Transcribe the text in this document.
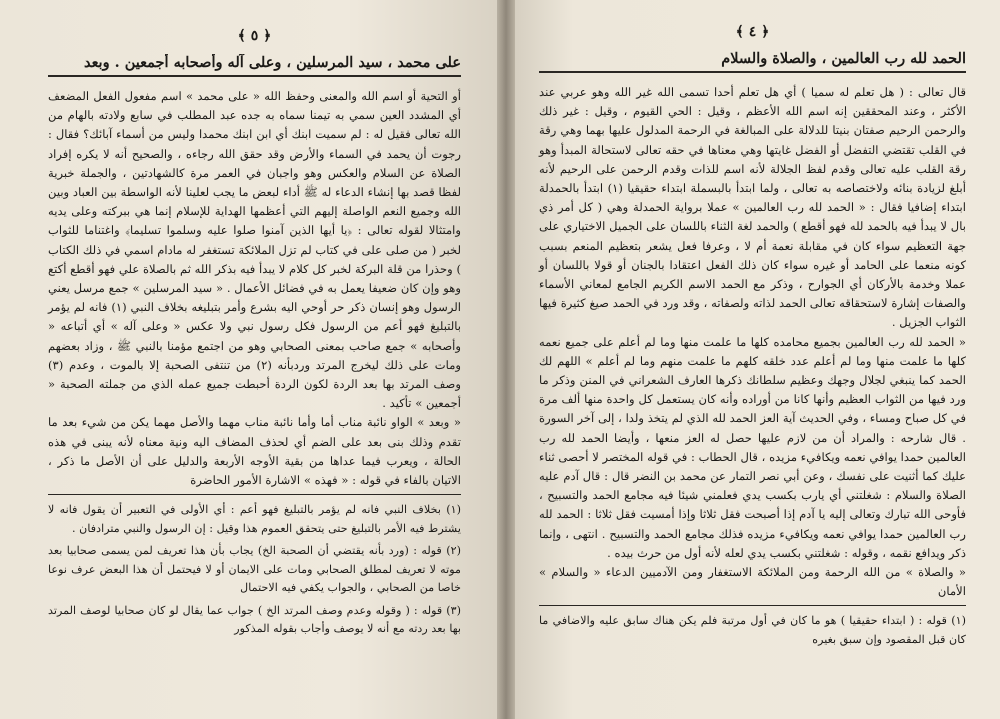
﴿ ٥ ﴾
على محمد ، سيد المرسلين ، وعلى آله وأصحابه أجمعين . وبعد

أو التحية أو اسم الله والمعنى وحفظ الله « على محمد » اسم مفعول الفعل المضعف أي المشدد العين سمي به تيمنا سماه به جده عبد المطلب في سابع ولادته بالهام من الله تعالى فقيل له : لم سميت ابنك أي ابن ابنك محمدا وليس من أسماء آبائك؟ فقال : رجوت أن يحمد في السماء والأرض وقد حقق الله رجاءه ، والصحيح أنه لا يكره إفراد الصلاة عن السلام والعكس وهو واجبان في العمر مرة كالشهادتين ، والجملة خبرية لفظا قصد بها إنشاء الدعاء له ﷺ أداء لبعض ما يجب لعلينا لأنه الواسطة بين العباد وبين الله وجميع النعم الواصلة إليهم التي أعظمها الهداية للإسلام إنما هي ببركته وعلى يديه وامتثالا لقوله تعالى : ﴿يا أيها الذين آمنوا صلوا عليه وسلموا تسليما﴾ واغتناما للثواب لخبر ( من صلى على في كتاب لم تزل الملائكة تستغفر له مادام اسمي في ذلك الكتاب ) وحذرا من قلة البركة لخبر كل كلام لا يبدأ فيه بذكر الله ثم بالصلاة علي فهو أقطع أكتع وهو وإن كان ضعيفا يعمل به في فضائل الأعمال . « سيد المرسلين » جمع مرسل يعني الرسول وهو إنسان ذكر حر أوحي اليه بشرع وأمر بتبليغه بخلاف النبي (١) فانه لم يؤمر بالتبليغ فهو أعم من الرسول فكل رسول نبي ولا عكس « وعلى آله » أي أتباعه « وأصحابه » جمع صاحب بمعنى الصحابي وهو من اجتمع مؤمنا بالنبي ﷺ ، وزاد بعضهم ومات على ذلك ليخرج المرتد وردبأنه (٢) من تنتفى الصحبة إلا بالموت ، وعدم (٣) وصف المرتد بها بعد الردة لكون الردة أحبطت جميع عمله الذي من جملته الصحبة « أجمعين » تأكيد .

« وبعد » الواو نائبة مناب أما وأما نائبة مناب مهما والأصل مهما يكن من شيء بعد ما تقدم وذلك بنى بعد على الضم أي لحذف المضاف اليه ونية معناه لأنه يبنى في هذه الحالة ، ويعرب فيما عداها من بقية الأوجه الأربعة والدليل على أن الأصل ما ذكر ، الاتيان بالفاء في قوله : « فهذه » الاشارة الأمور الحاضرة

(١) بخلاف النبي فانه لم يؤمر بالتبليغ فهو أعم : أي الأولى في التعبير أن يقول فانه لا يشترط فيه الأمر بالتبليغ حتى يتحقق العموم هذا وقيل : إن الرسول والنبي مترادفان .

(٢) قوله : (ورد بأنه يقتضي أن الصحبة الخ) يجاب بأن هذا تعريف لمن يسمى صحابيا بعد موته لا تعريف لمطلق الصحابي ومات على الايمان أو لا فيحتمل أن هذا البعض عرف نوعا خاصا من الصحابي ، والجواب يكفي فيه الاحتمال

(٣) قوله : ( وقوله وعدم وصف المرتد الخ ) جواب عما يقال لو كان صحابيا لوصف المرتد بها بعد ردته مع أنه لا يوصف وأجاب بقوله المذكور

﴿ ٤ ﴾
الحمد لله رب العالمين ، والصلاة والسلام

قال تعالى : ( هل تعلم له سميا ) أي هل تعلم أحدا تسمى الله غير الله وهو عربي عند الأكثر ، وعند المحققين إنه اسم الله الأعظم ، وقيل : الحي القيوم ، وقيل : غير ذلك والرحمن الرحيم صفتان بنيتا للدلالة على المبالغة في الرحمة المدلول عليها بهما وهي رقة في القلب تقتضي التفضل أو الفضل غايتها وهي معناها في حقه تعالى لاستحالة المبدأ وهو رقة القلب عليه تعالى وقدم لفظ الجلالة لأنه اسم للذات وقدم الرحمن على الرحيم لأنه أبلغ لزيادة بنائه ولاختصاصه به تعالى ، ولما ابتدأ بالبسملة ابتداء حقيقيا (١) ابتدأ بالحمدلة ابتداء إضافيا فقال : « الحمد لله رب العالمين » عملا برواية الحمدلة وهي ( كل أمر ذي بال لا يبدأ فيه بالحمد لله فهو أقطع ) والحمد لغة الثناء باللسان على الجميل الاختياري على جهة التعظيم سواء كان في مقابلة نعمة أم لا ، وعرفا فعل يشعر بتعظيم المنعم بسبب كونه منعما على الحامد أو غيره سواء كان ذلك الفعل اعتقادا بالجنان أو قولا باللسان أو عملا وخدمة بالأركان أي الجوارح ، وذكر مع الحمد الاسم الكريم الجامع لمعاني الأسماء والصفات إشارة لاستحقاقه تعالى الحمد لذاته ولصفاته ، وقد ورد في الحمد صيغ كثيرة فيها الثواب الجزيل .

« الحمد لله رب العالمين بجميع محامده كلها ما علمت منها وما لم أعلم على جميع نعمه كلها ما علمت منها وما لم أعلم عدد خلقه كلهم ما علمت منهم وما لم أعلم » اللهم لك الحمد كما ينبغي لجلال وجهك وعظيم سلطانك ذكرها العارف الشعراني في المنن وذكر ما ورد فيها من الثواب العظيم وأنها كانا من أوراده وأنه كان يستعمل كل واحدة منها ألف مرة في كل صباح ومساء ، وفي الحديث آية العز الحمد لله الذي لم يتخذ ولدا ، إلى آخر السورة . قال شارحه : والمراد أن من لازم عليها حصل له العز منعها ، وأيضا الحمد لله رب العالمين حمدا يوافي نعمه ويكافيء مزيده ، قال الحطاب : في قوله المختصر لا أحصى ثناء عليك كما أثنيت على نفسك ، وعن أبي نصر التمار عن محمد بن النضر قال : قال آدم عليه الصلاة والسلام : شغلتني أي يارب بكسب يدي فعلمني شيئا فيه مجامع الحمد والتسبيح ، فأوحى الله تبارك وتعالى إليه يا آدم إذا أصبحت فقل ثلاثا وإذا أمسيت فقل ثلاثا : الحمد لله رب العالمين حمدا يوافي نعمه ويكافيء مزيده فذلك مجامع الحمد والتسبيح . انتهى ، وإنما ذكر ويدافع نقمه ، وقوله : شغلتني بكسب يدي لعله لأنه أول من حرث بيده .

« والصلاة » من الله الرحمة ومن الملائكة الاستغفار ومن الآدميين الدعاء « والسلام » الأمان

(١) قوله : ( ابتداء حقيقيا ) هو ما كان في أول مرتبة فلم يكن هناك سابق عليه والاضافي ما كان قبل المقصود وإن سبق بغيره
